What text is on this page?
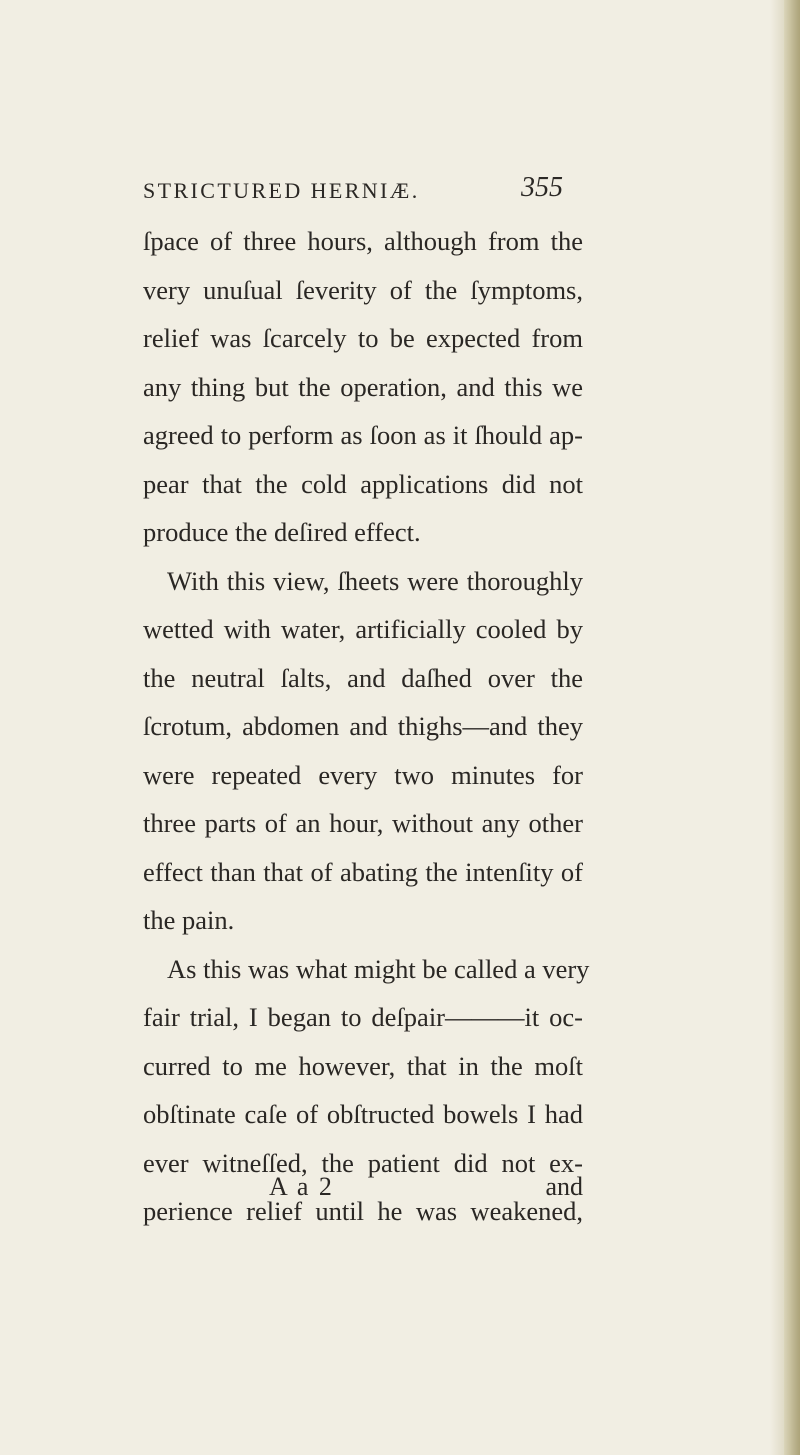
STRICTURED HERNIÆ.	355
ſpace of three hours, although from the
very unuſual ſeverity of the ſymptoms,
relief was ſcarcely to be expected from
any thing but the operation, and this we
agreed to perform as ſoon as it ſhould ap-
pear that the cold applications did not
produce the deſired effect.
With this view, ſheets were thoroughly
wetted with water, artificially cooled by
the neutral ſalts, and daſhed over the
ſcrotum, abdomen and thighs—and they
were repeated every two minutes for
three parts of an hour, without any other
effect than that of abating the intenſity of
the pain.
As this was what might be called a very
fair trial, I began to deſpair———it oc-
curred to me however, that in the moſt
obſtinate caſe of obſtructed bowels I had
ever witneſſed, the patient did not ex-
perience relief until he was weakened,
A a 2	and
